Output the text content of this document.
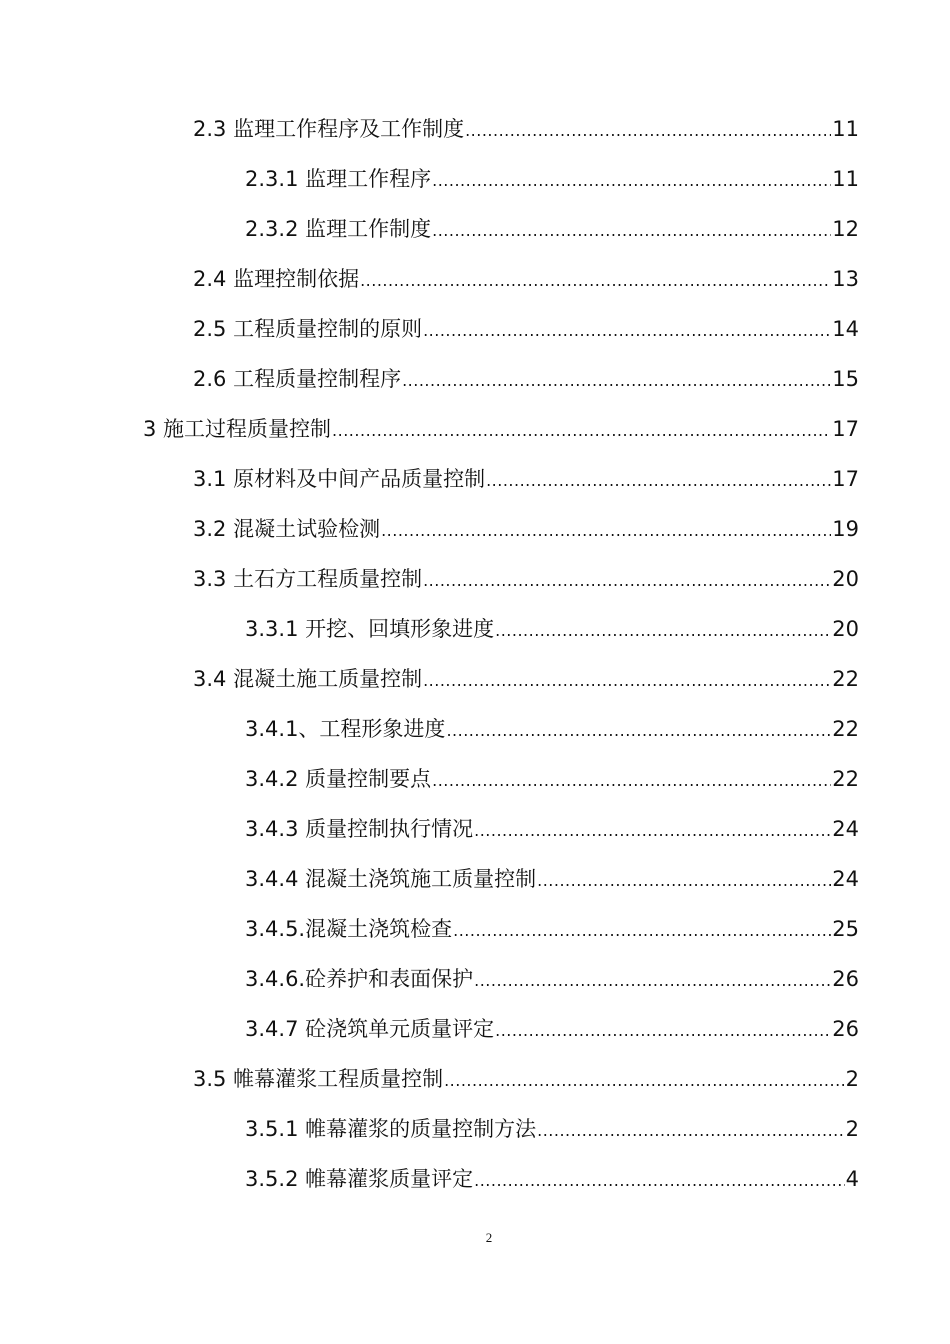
2.3 监理工作程序及工作制度 .....	11
2.3.1 监理工作程序 .....	11
2.3.2 监理工作制度 .....	12
2.4 监理控制依据 .....	13
2.5 工程质量控制的原则 .....	14
2.6 工程质量控制程序 .....	15
3 施工过程质量控制 .....	17
3.1 原材料及中间产品质量控制 .....	17
3.2 混凝土试验检测 .....	19
3.3 土石方工程质量控制 .....	20
3.3.1 开挖、回填形象进度 .....	20
3.4 混凝土施工质量控制 .....	22
3.4.1、工程形象进度 .....	22
3.4.2 质量控制要点 .....	22
3.4.3 质量控制执行情况 .....	24
3.4.4 混凝土浇筑施工质量控制 .....	24
3.4.5.混凝土浇筑检查 .....	25
3.4.6.砼养护和表面保护 .....	26
3.4.7 砼浇筑单元质量评定 .....	26
3.5 帷幕灌浆工程质量控制 .....	2
3.5.1 帷幕灌浆的质量控制方法 .....	2
3.5.2 帷幕灌浆质量评定 .....	4
2
